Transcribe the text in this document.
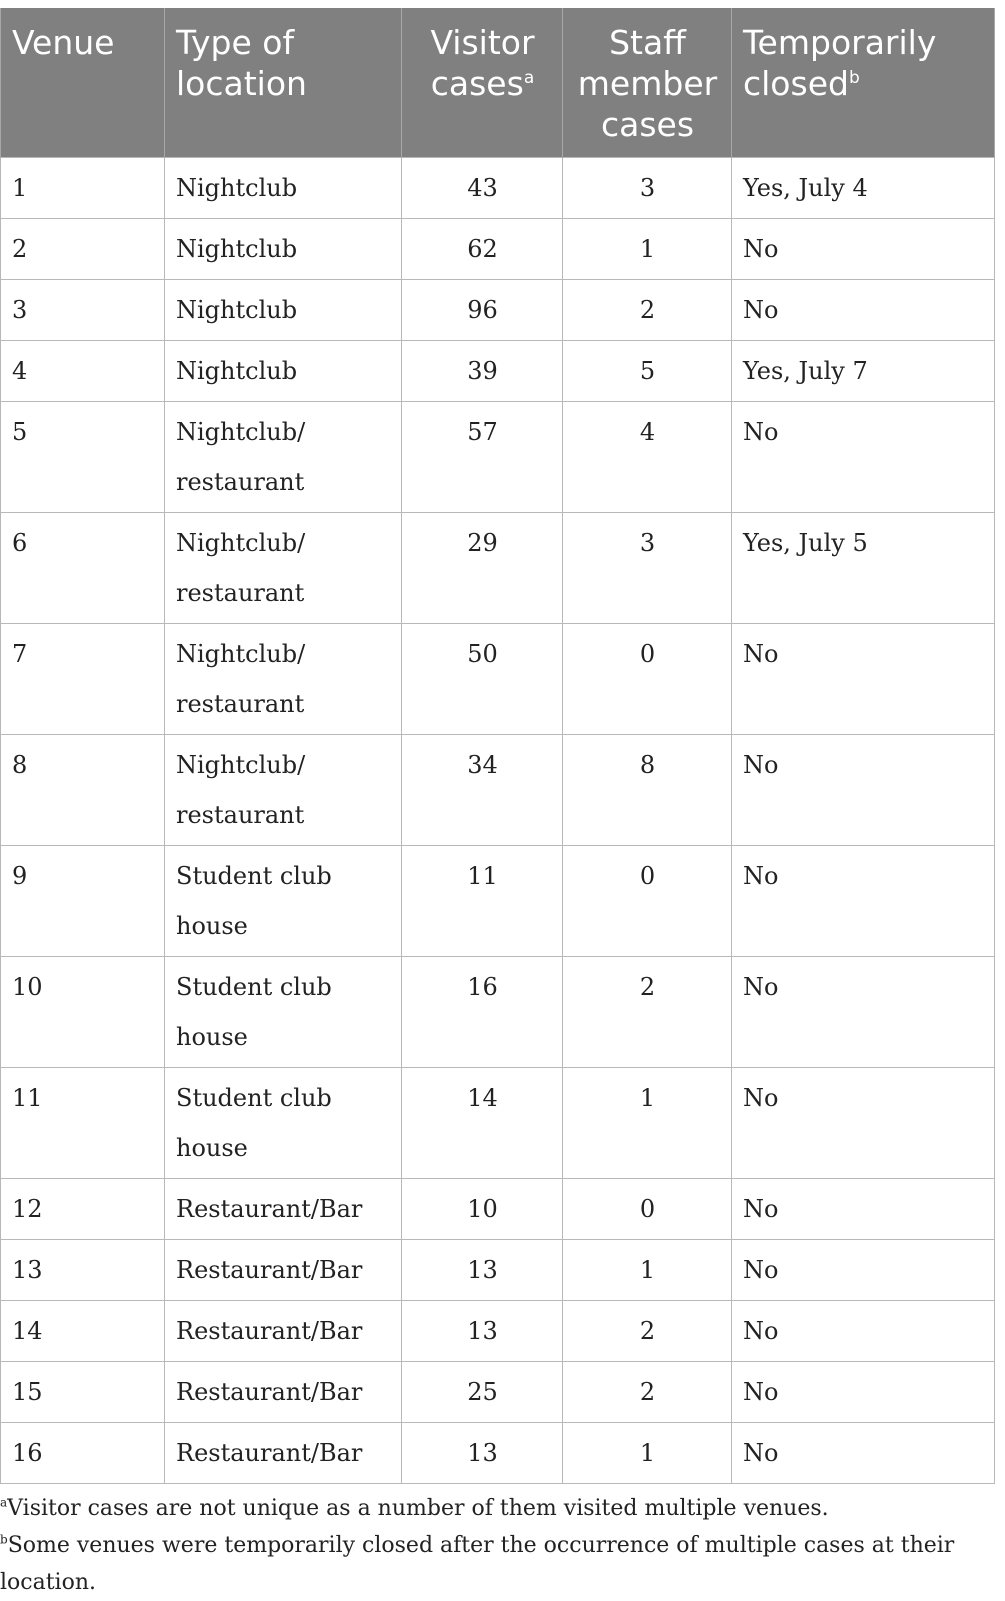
Venue	Type of location	Visitor cases$^a$	Staff member cases	Temporarily closed$^b$
1	Nightclub	43	3	Yes, July 4
2	Nightclub	62	1	No
3	Nightclub	96	2	No
4	Nightclub	39	5	Yes, July 7
5	Nightclub/ restaurant	57	4	No
6	Nightclub/ restaurant	29	3	Yes, July 5
7	Nightclub/ restaurant	50	0	No
8	Nightclub/ restaurant	34	8	No
9	Student club house	11	0	No
10	Student club house	16	2	No
11	Student club house	14	1	No
12	Restaurant/Bar	10	0	No
13	Restaurant/Bar	13	1	No
14	Restaurant/Bar	13	2	No
15	Restaurant/Bar	25	2	No
16	Restaurant/Bar	13	1	No
$^a$Visitor cases are not unique as a number of them visited multiple venues.
$^b$Some venues were temporarily closed after the occurrence of multiple cases at their location.
